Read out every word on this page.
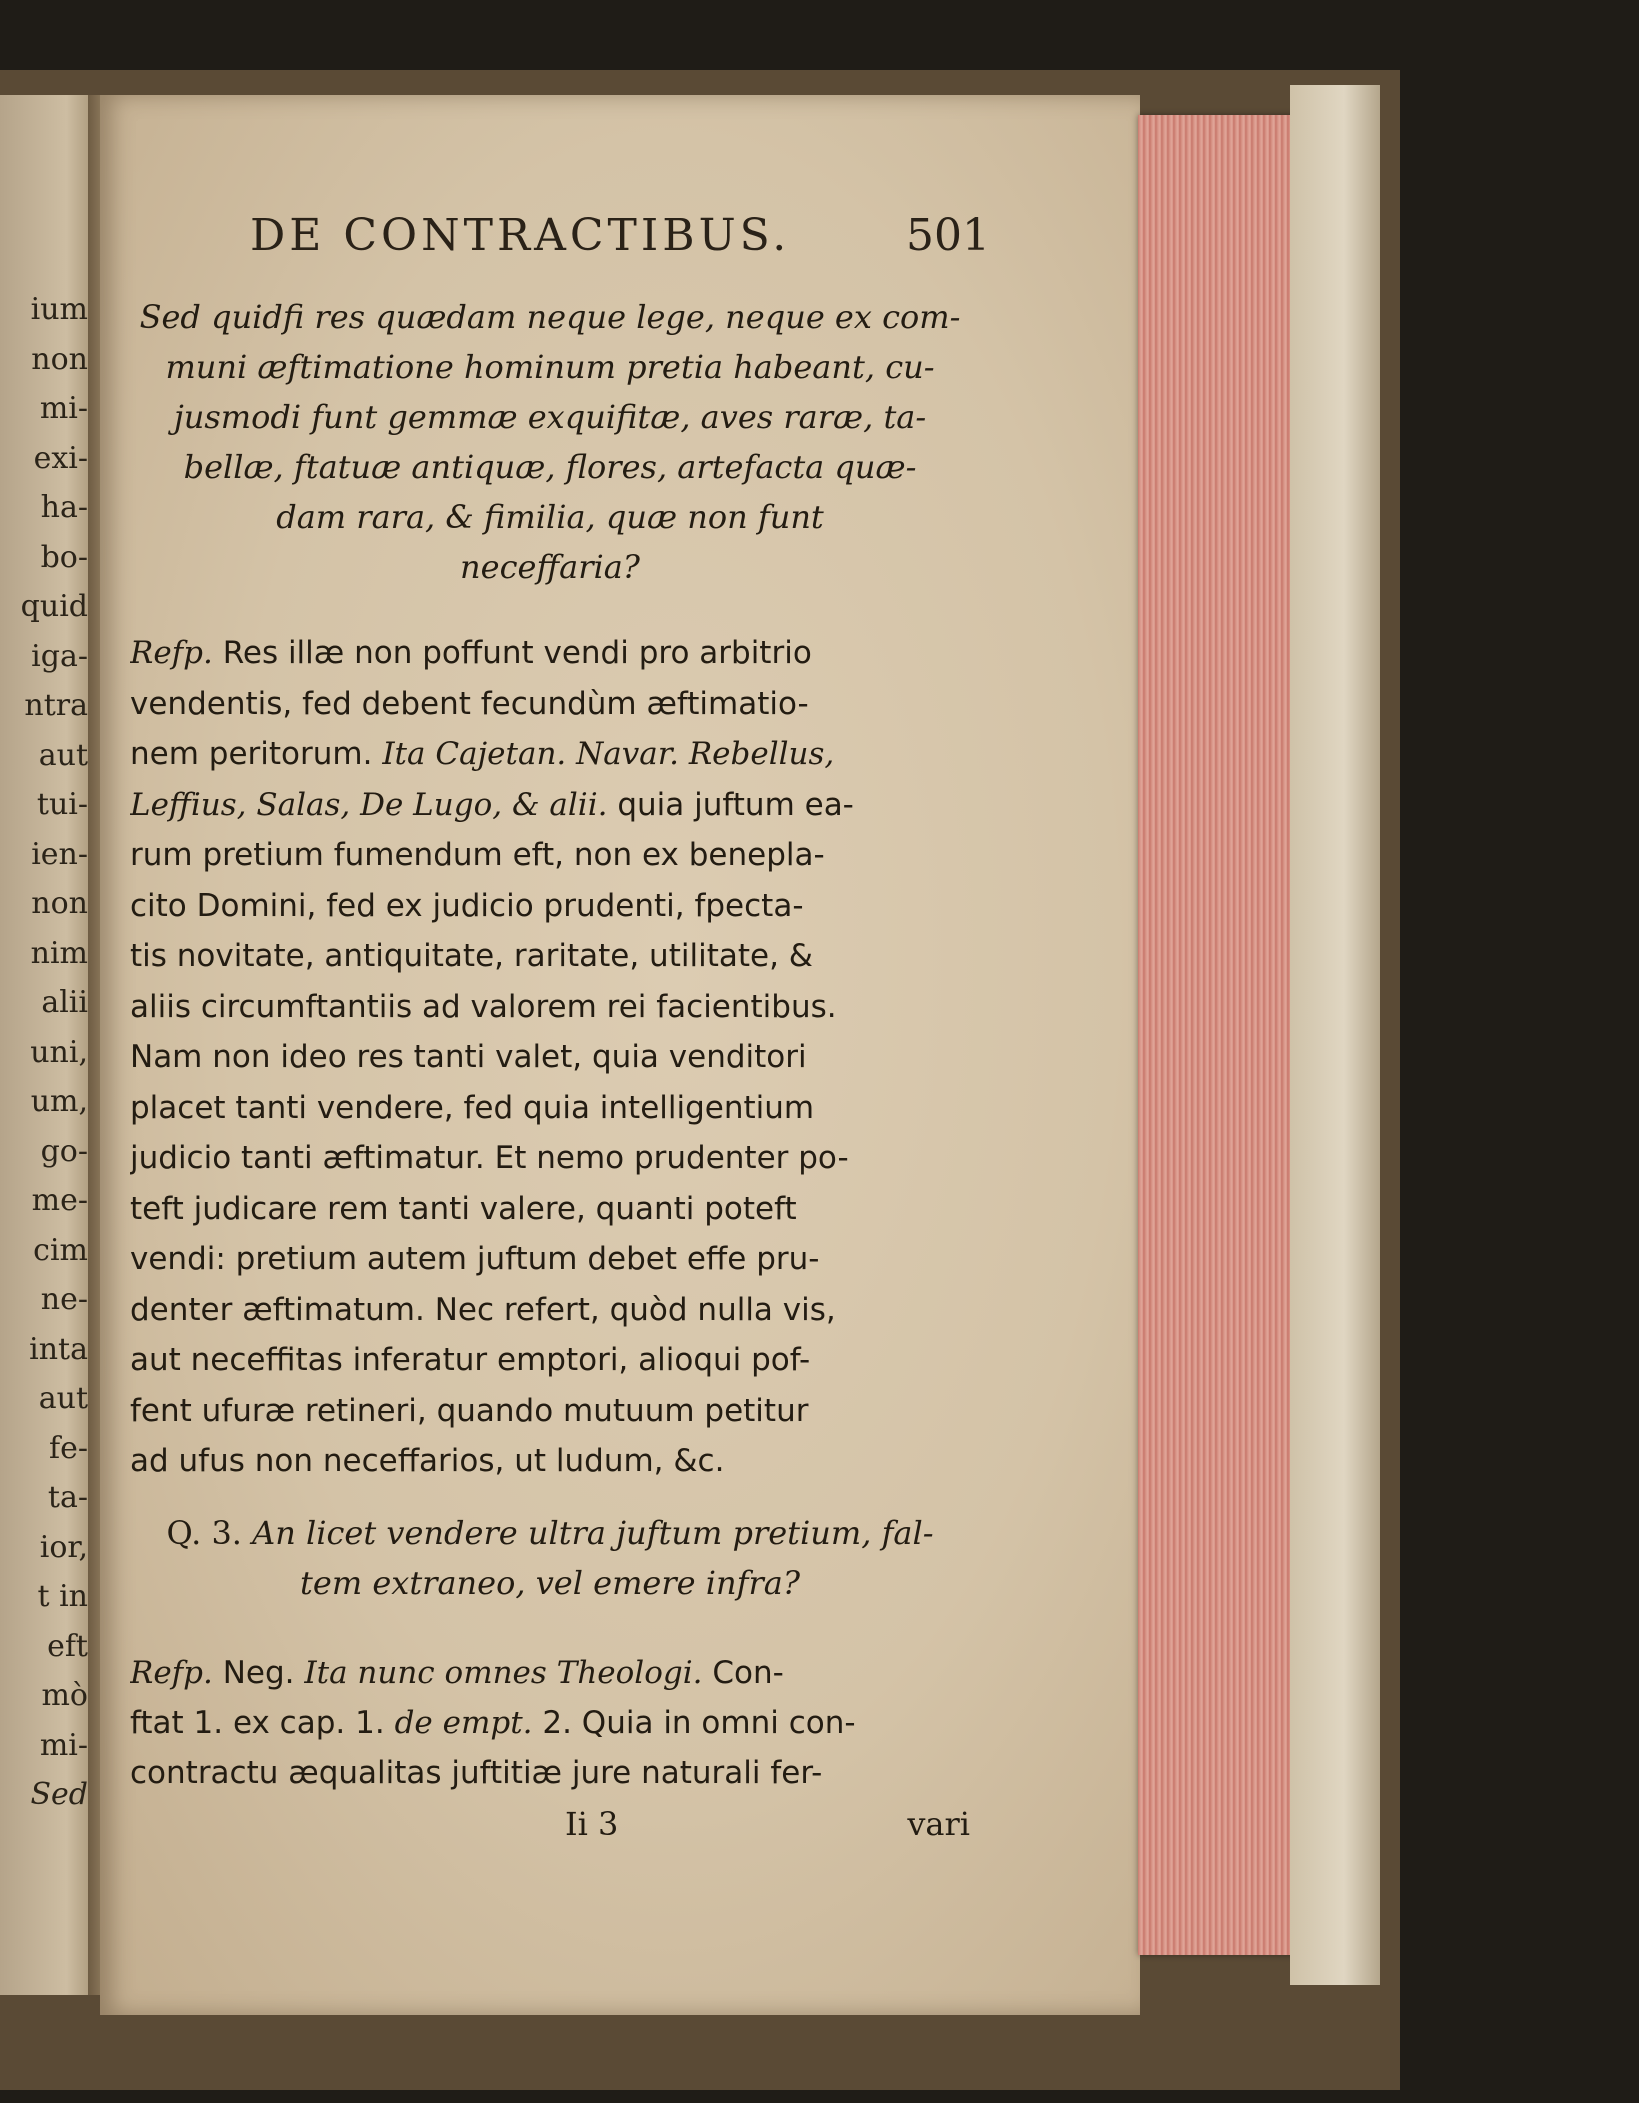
ium
non
mi-
exi-
ha-
bo-
quid
iga-
ntra
aut
tui-
ien-
non
nim
alii
uni,
um,
go-
me-
cim
ne-
inta
aut
fe-
ta-
ior,
t in
eft
mò
mi-
Sed
DE CONTRACTIBUS.	501
Sed quidfi res quædam neque lege, neque ex com-
muni æftimatione hominum pretia habeant, cu-
jusmodi funt gemmæ exquifitæ, aves raræ, ta-
bellæ, ftatuæ antiquæ, flores, artefacta quæ-
dam rara, & fimilia, quæ non funt
neceffaria?
Refp. Res illæ non poffunt vendi pro arbitrio
vendentis, fed debent fecundùm æftimatio-
nem peritorum. Ita Cajetan. Navar. Rebellus,
Leffius, Salas, De Lugo, & alii. quia juftum ea-
rum pretium fumendum eft, non ex benepla-
cito Domini, fed ex judicio prudenti, fpecta-
tis novitate, antiquitate, raritate, utilitate, &
aliis circumftantiis ad valorem rei facientibus.
Nam non ideo res tanti valet, quia venditori
placet tanti vendere, fed quia intelligentium
judicio tanti æftimatur. Et nemo prudenter po-
teft judicare rem tanti valere, quanti poteft
vendi: pretium autem juftum debet effe pru-
denter æftimatum. Nec refert, quòd nulla vis,
aut neceffitas inferatur emptori, alioqui pof-
fent ufuræ retineri, quando mutuum petitur
ad ufus non neceffarios, ut ludum, &c.
Q. 3. An licet vendere ultra juftum pretium, fal-
tem extraneo, vel emere infra?
Refp. Neg. Ita nunc omnes Theologi. Con-
ftat 1. ex cap. 1. de empt. 2. Quia in omni con-
contractu æqualitas juftitiæ jure naturali fer-
Ii 3	vari
